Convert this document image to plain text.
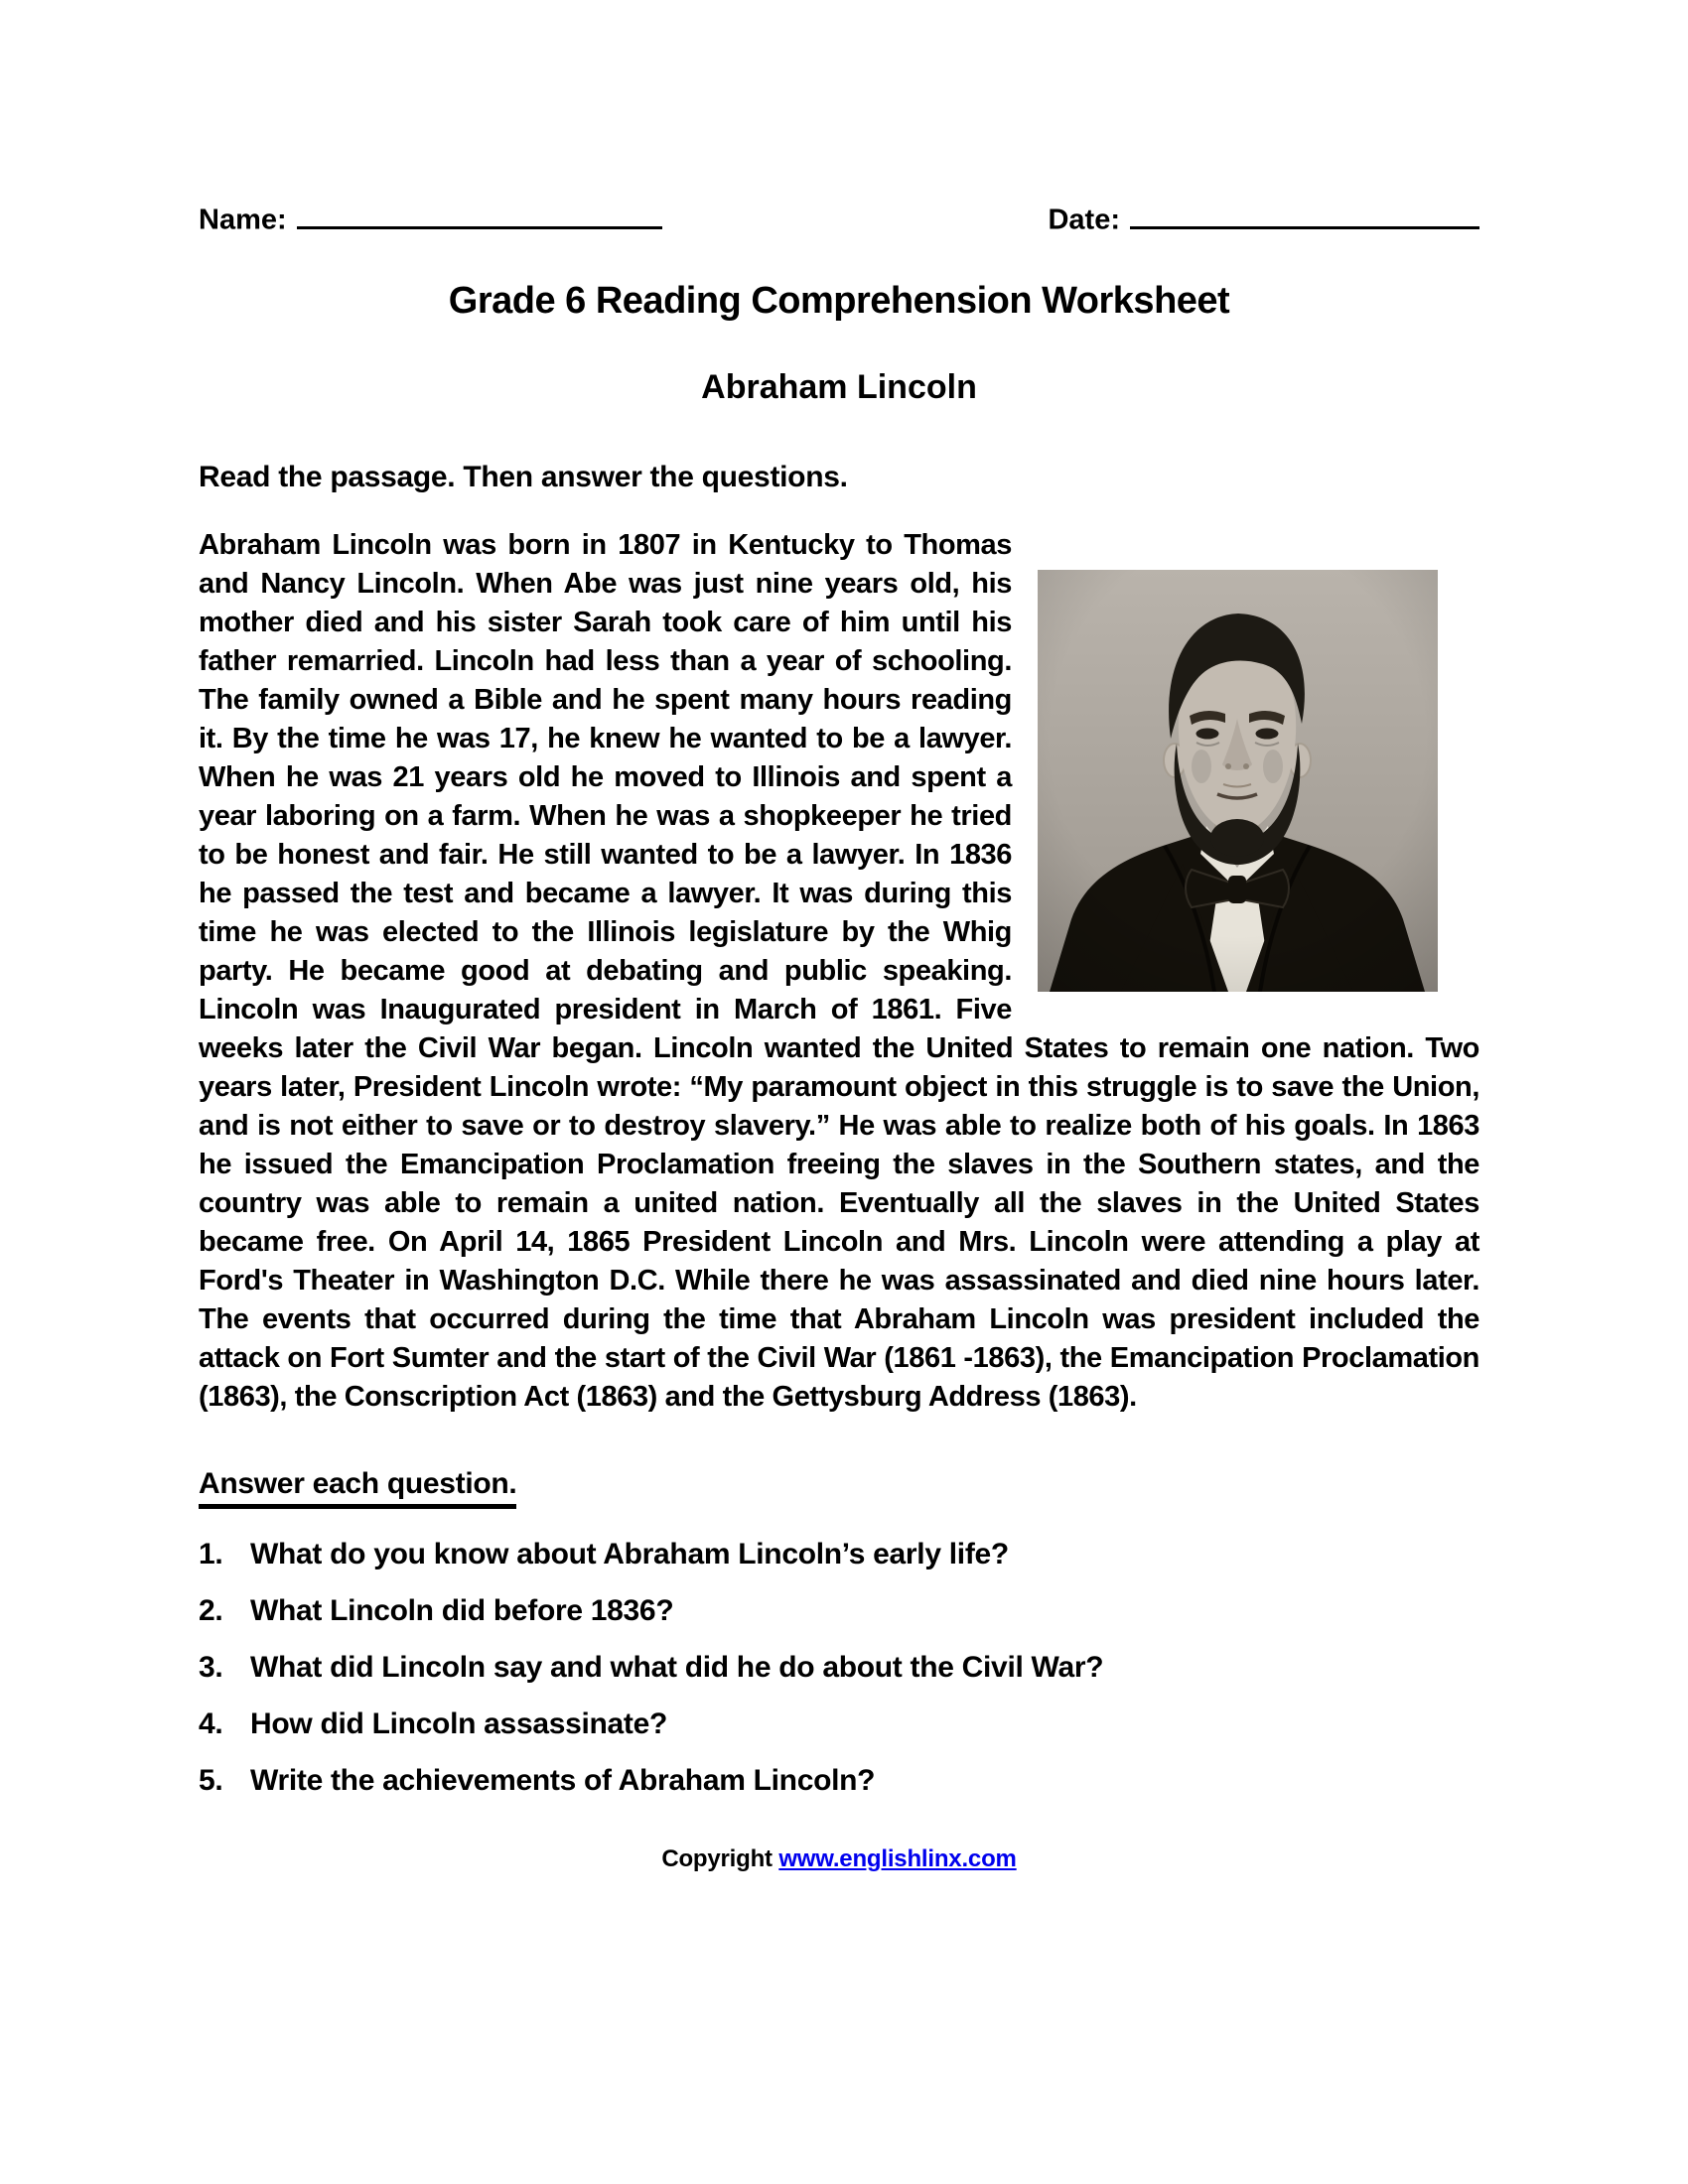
Name:	Date:
Grade 6 Reading Comprehension Worksheet
Abraham Lincoln

Read the passage. Then answer the questions.

Abraham Lincoln was born in 1807 in Kentucky to Thomas and Nancy Lincoln. When Abe was just nine years old, his mother died and his sister Sarah took care of him until his father remarried. Lincoln had less than a year of schooling. The family owned a Bible and he spent many hours reading it. By the time he was 17, he knew he wanted to be a lawyer. When he was 21 years old he moved to Illinois and spent a year laboring on a farm. When he was a shopkeeper he tried to be honest and fair. He still wanted to be a lawyer. In 1836 he passed the test and became a lawyer. It was during this time he was elected to the Illinois legislature by the Whig party. He became good at debating and public speaking. Lincoln was Inaugurated president in March of 1861. Five weeks later the Civil War began. Lincoln wanted the United States to remain one nation. Two years later, President Lincoln wrote: “My paramount object in this struggle is to save the Union, and is not either to save or to destroy slavery.” He was able to realize both of his goals. In 1863 he issued the Emancipation Proclamation freeing the slaves in the Southern states, and the country was able to remain a united nation. Eventually all the slaves in the United States became free. On April 14, 1865 President Lincoln and Mrs. Lincoln were attending a play at Ford's Theater in Washington D.C. While there he was assassinated and died nine hours later. The events that occurred during the time that Abraham Lincoln was president included the attack on Fort Sumter and the start of the Civil War (1861 -1863), the Emancipation Proclamation (1863), the Conscription Act (1863) and the Gettysburg Address (1863).
Answer each question.
1. What do you know about Abraham Lincoln’s early life?
2. What Lincoln did before 1836?
3. What did Lincoln say and what did he do about the Civil War?
4. How did Lincoln assassinate?
5. Write the achievements of Abraham Lincoln?
Copyright www.englishlinx.com
